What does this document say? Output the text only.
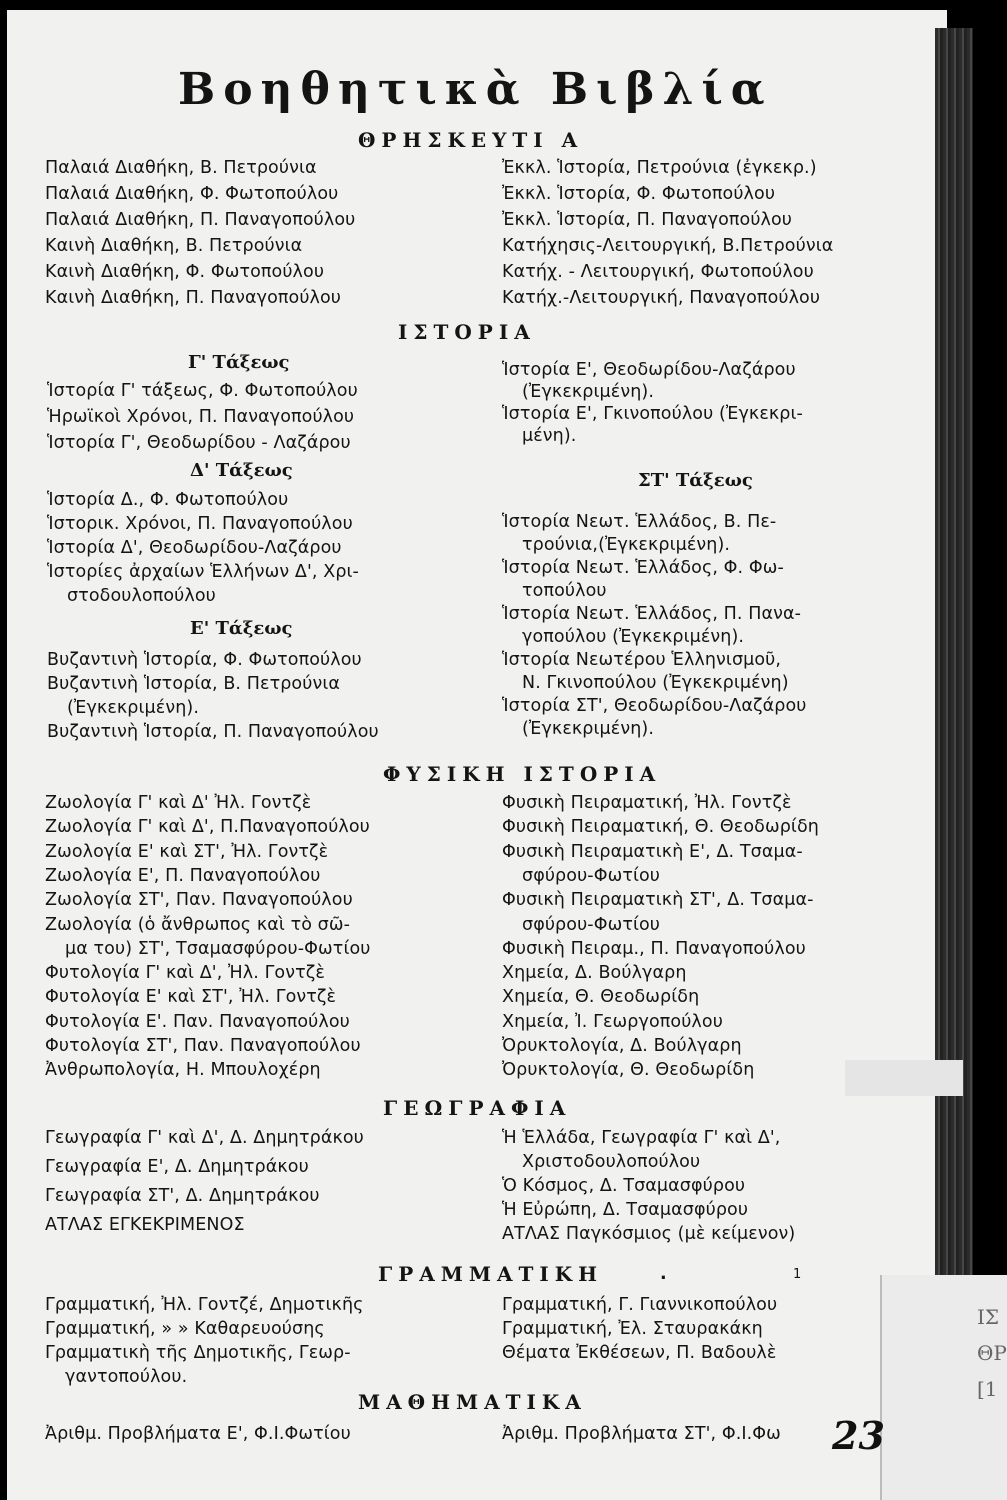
ΙΣ
ΘΡ
[1
Βοηθητικὰ Βιβλία
ΘΡΗΣΚΕΥΤΙ Α
Παλαιά Διαθήκη, Β. Πετρούνια
Παλαιά Διαθήκη, Φ. Φωτοπούλου
Παλαιά Διαθήκη, Π. Παναγοπούλου
Καινὴ Διαθήκη, Β. Πετρούνια
Καινὴ Διαθήκη, Φ. Φωτοπούλου
Καινὴ Διαθήκη, Π. Παναγοπούλου
Ἐκκλ. Ἱστορία, Πετρούνια (ἐγκεκρ.)
Ἐκκλ. Ἱστορία, Φ. Φωτοπούλου
Ἐκκλ. Ἱστορία, Π. Παναγοπούλου
Κατήχησις-Λειτουργική, Β.Πετρούνια
Κατήχ. - Λειτουργική, Φωτοπούλου
Κατήχ.-Λειτουργική, Παναγοπούλου
ΙΣΤΟΡΙΑ
Γ' Τάξεως
Ἱστορία Γ' τάξεως, Φ. Φωτοπούλου
Ἡρωϊκοὶ Χρόνοι, Π. Παναγοπούλου
Ἱστορία Γ', Θεοδωρίδου - Λαζάρου
Δ' Τάξεως
Ἱστορία Δ., Φ. Φωτοπούλου
Ἱστορικ. Χρόνοι, Π. Παναγοπούλου
Ἱστορία Δ', Θεοδωρίδου-Λαζάρου
Ἱστορίες ἀρχαίων Ἑλλήνων Δ', Χρι-
στοδουλοπούλου
Ε' Τάξεως
Βυζαντινὴ Ἱστορία, Φ. Φωτοπούλου
Βυζαντινὴ Ἱστορία, Β. Πετρούνια
(Ἐγκεκριμένη).
Βυζαντινὴ Ἱστορία, Π. Παναγοπούλου
Ἱστορία Ε', Θεοδωρίδου-Λαζάρου
(Ἐγκεκριμένη).
Ἱστορία Ε', Γκινοπούλου (Ἐγκεκρι-
μένη).
ΣΤ' Τάξεως
Ἱστορία Νεωτ. Ἑλλάδος, Β. Πε-
τρούνια,(Ἐγκεκριμένη).
Ἱστορία Νεωτ. Ἑλλάδος, Φ. Φω-
τοπούλου
Ἱστορία Νεωτ. Ἑλλάδος, Π. Πανα-
γοπούλου (Ἐγκεκριμένη).
Ἱστορία Νεωτέρου Ἑλληνισμοῦ,
Ν. Γκινοπούλου (Ἐγκεκριμένη)
Ἱστορία ΣΤ', Θεοδωρίδου-Λαζάρου
(Ἐγκεκριμένη).
ΦΥΣΙΚΗ ΙΣΤΟΡΙΑ
Ζωολογία Γ' καὶ Δ' Ἠλ. Γοντζὲ
Ζωολογία Γ' καὶ Δ', Π.Παναγοπούλου
Ζωολογία Ε' καὶ ΣΤ', Ἠλ. Γοντζὲ
Ζωολογία Ε', Π. Παναγοπούλου
Ζωολογία ΣΤ', Παν. Παναγοπούλου
Ζωολογία (ὁ ἄνθρωπος καὶ τὸ σῶ-
μα του) ΣΤ', Τσαμασφύρου-Φωτίου
Φυτολογία Γ' καὶ Δ', Ἠλ. Γοντζὲ
Φυτολογία Ε' καὶ ΣΤ', Ἠλ. Γοντζὲ
Φυτολογία Ε'. Παν. Παναγοπούλου
Φυτολογία ΣΤ', Παν. Παναγοπούλου
Ἀνθρωπολογία, Η. Μπουλοχέρη
Φυσικὴ Πειραματική, Ἠλ. Γοντζὲ
Φυσικὴ Πειραματική, Θ. Θεοδωρίδη
Φυσικὴ Πειραματικὴ Ε', Δ. Τσαμα-
σφύρου-Φωτίου
Φυσικὴ Πειραματικὴ ΣΤ', Δ. Τσαμα-
σφύρου-Φωτίου
Φυσικὴ Πειραμ., Π. Παναγοπούλου
Χημεία, Δ. Βούλγαρη
Χημεία, Θ. Θεοδωρίδη
Χημεία, Ἰ. Γεωργοπούλου
Ὀρυκτολογία, Δ. Βούλγαρη
Ὀρυκτολογία, Θ. Θεοδωρίδη
ΓΕΩΓΡΑΦΙΑ
Γεωγραφία Γ' καὶ Δ', Δ. Δημητράκου
Γεωγραφία Ε', Δ. Δημητράκου
Γεωγραφία ΣΤ', Δ. Δημητράκου
ΑΤΛΑΣ ΕΓΚΕΚΡΙΜΕΝΟΣ
Ἡ Ἑλλάδα, Γεωγραφία Γ' καὶ Δ',
Χριστοδουλοπούλου
Ὁ Κόσμος, Δ. Τσαμασφύρου
Ἡ Εὐρώπη, Δ. Τσαμασφύρου
ΑΤΛΑΣ Παγκόσμιος (μὲ κείμενον)
ΓΡΑΜΜΑΤΙΚΗ
Γραμματική, Ἠλ. Γοντζέ, Δημοτικῆς
Γραμματική, » » Καθαρευούσης
Γραμματικὴ τῆς Δημοτικῆς, Γεωρ-
γαντοπούλου.
Γραμματική, Γ. Γιαννικοπούλου
Γραμματική, Ἐλ. Σταυρακάκη
Θέματα Ἐκθέσεων, Π. Βαδουλὲ
ΜΑΘΗΜΑΤΙΚΑ
Ἀριθμ. Προβλήματα Ε', Φ.Ι.Φωτίου	Ἀριθμ. Προβλήματα ΣΤ', Φ.Ι.Φω 23
.	1
